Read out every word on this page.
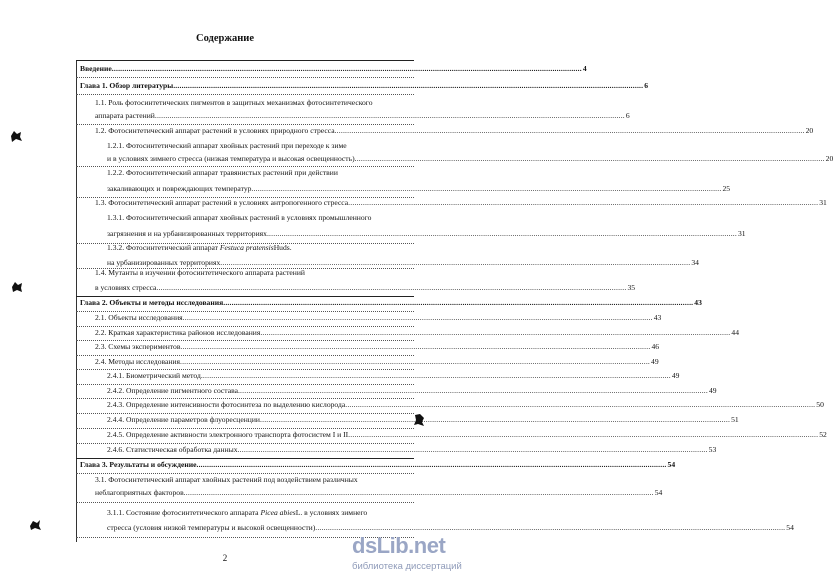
Содержание
Введение .....	4
Глава 1. Обзор литературы .....	6
1.1. Роль фотосинтетических пигментов в защитных механизмах фотосинтетического
аппарата растений .....	6
1.2. Фотосинтетический аппарат растений в условиях природного стресса .....	20
1.2.1. Фотосинтетический аппарат хвойных растений при переходе к зиме
и в условиях зимнего стресса (низкая температура и высокая освещенность) .....	20
1.2.2. Фотосинтетический аппарат травянистых растений при действии
закаливающих и повреждающих температур .....	25
1.3. Фотосинтетический аппарат растений в условиях антропогенного стресса .....	31
1.3.1. Фотосинтетический аппарат хвойных растений в условиях промышленного
загрязнения и на урбанизированных территориях .....	31
1.3.2. Фотосинтетический аппарат
Festuca pratensis Huds.
на урбанизированных территориях .....	34
1.4. Мутанты в изучении фотосинтетического аппарата растений
в условиях стресса .....	35
Глава 2. Объекты и методы исследования .....	43
2.1. Объекты исследования .....	43
2.2. Краткая характеристика районов исследования .....	44
2.3. Схемы экспериментов .....	46
2.4. Методы исследования .....	49
2.4.1. Биометрический метод .....	49
2.4.2. Определение пигментного состава .....	49
2.4.3. Определение интенсивности фотосинтеза по выделению кислорода .....	50
2.4.4. Определение параметров флуоресценции .....	51
2.4.5. Определение активности электронного транспорта фотосистем I и II .....	52
2.4.6. Статистическая обработка данных .....	53
Глава 3. Результаты и обсуждение .....	54
3.1. Фотосинтетический аппарат хвойных растений под воздействием различных
неблагоприятных факторов .....	54
3.1.1. Состояние фотосинтетического аппарата
Picea abies L. в условиях зимнего
стресса (условия низкой температуры и высокой освещенности) .....	54
2	dsLib.net
библиотека диссертаций
